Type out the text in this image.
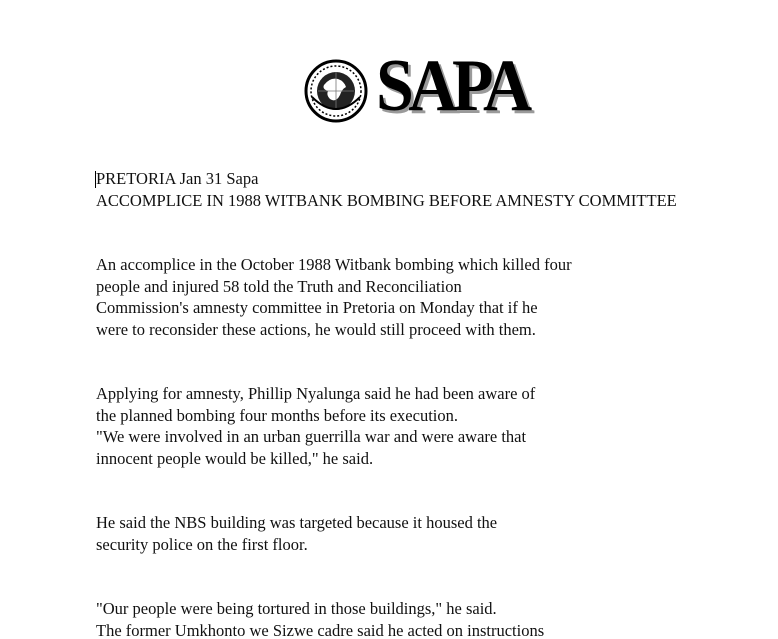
SAPA
PRETORIA Jan 31 Sapa
ACCOMPLICE IN 1988 WITBANK BOMBING BEFORE AMNESTY COMMITTEE
An accomplice in the October 1988 Witbank bombing which killed four
people and injured 58 told the Truth and Reconciliation
Commission's amnesty committee in Pretoria on Monday that if he
were to reconsider these actions, he would still proceed with them.
Applying for amnesty, Phillip Nyalunga said he had been aware of
the planned bombing four months before its execution.
"We were involved in an urban guerrilla war and were aware that
innocent people would be killed," he said.
He said the NBS building was targeted because it housed the
security police on the first floor.
"Our people were being tortured in those buildings," he said.
The former Umkhonto we Sizwe cadre said he acted on instructions
